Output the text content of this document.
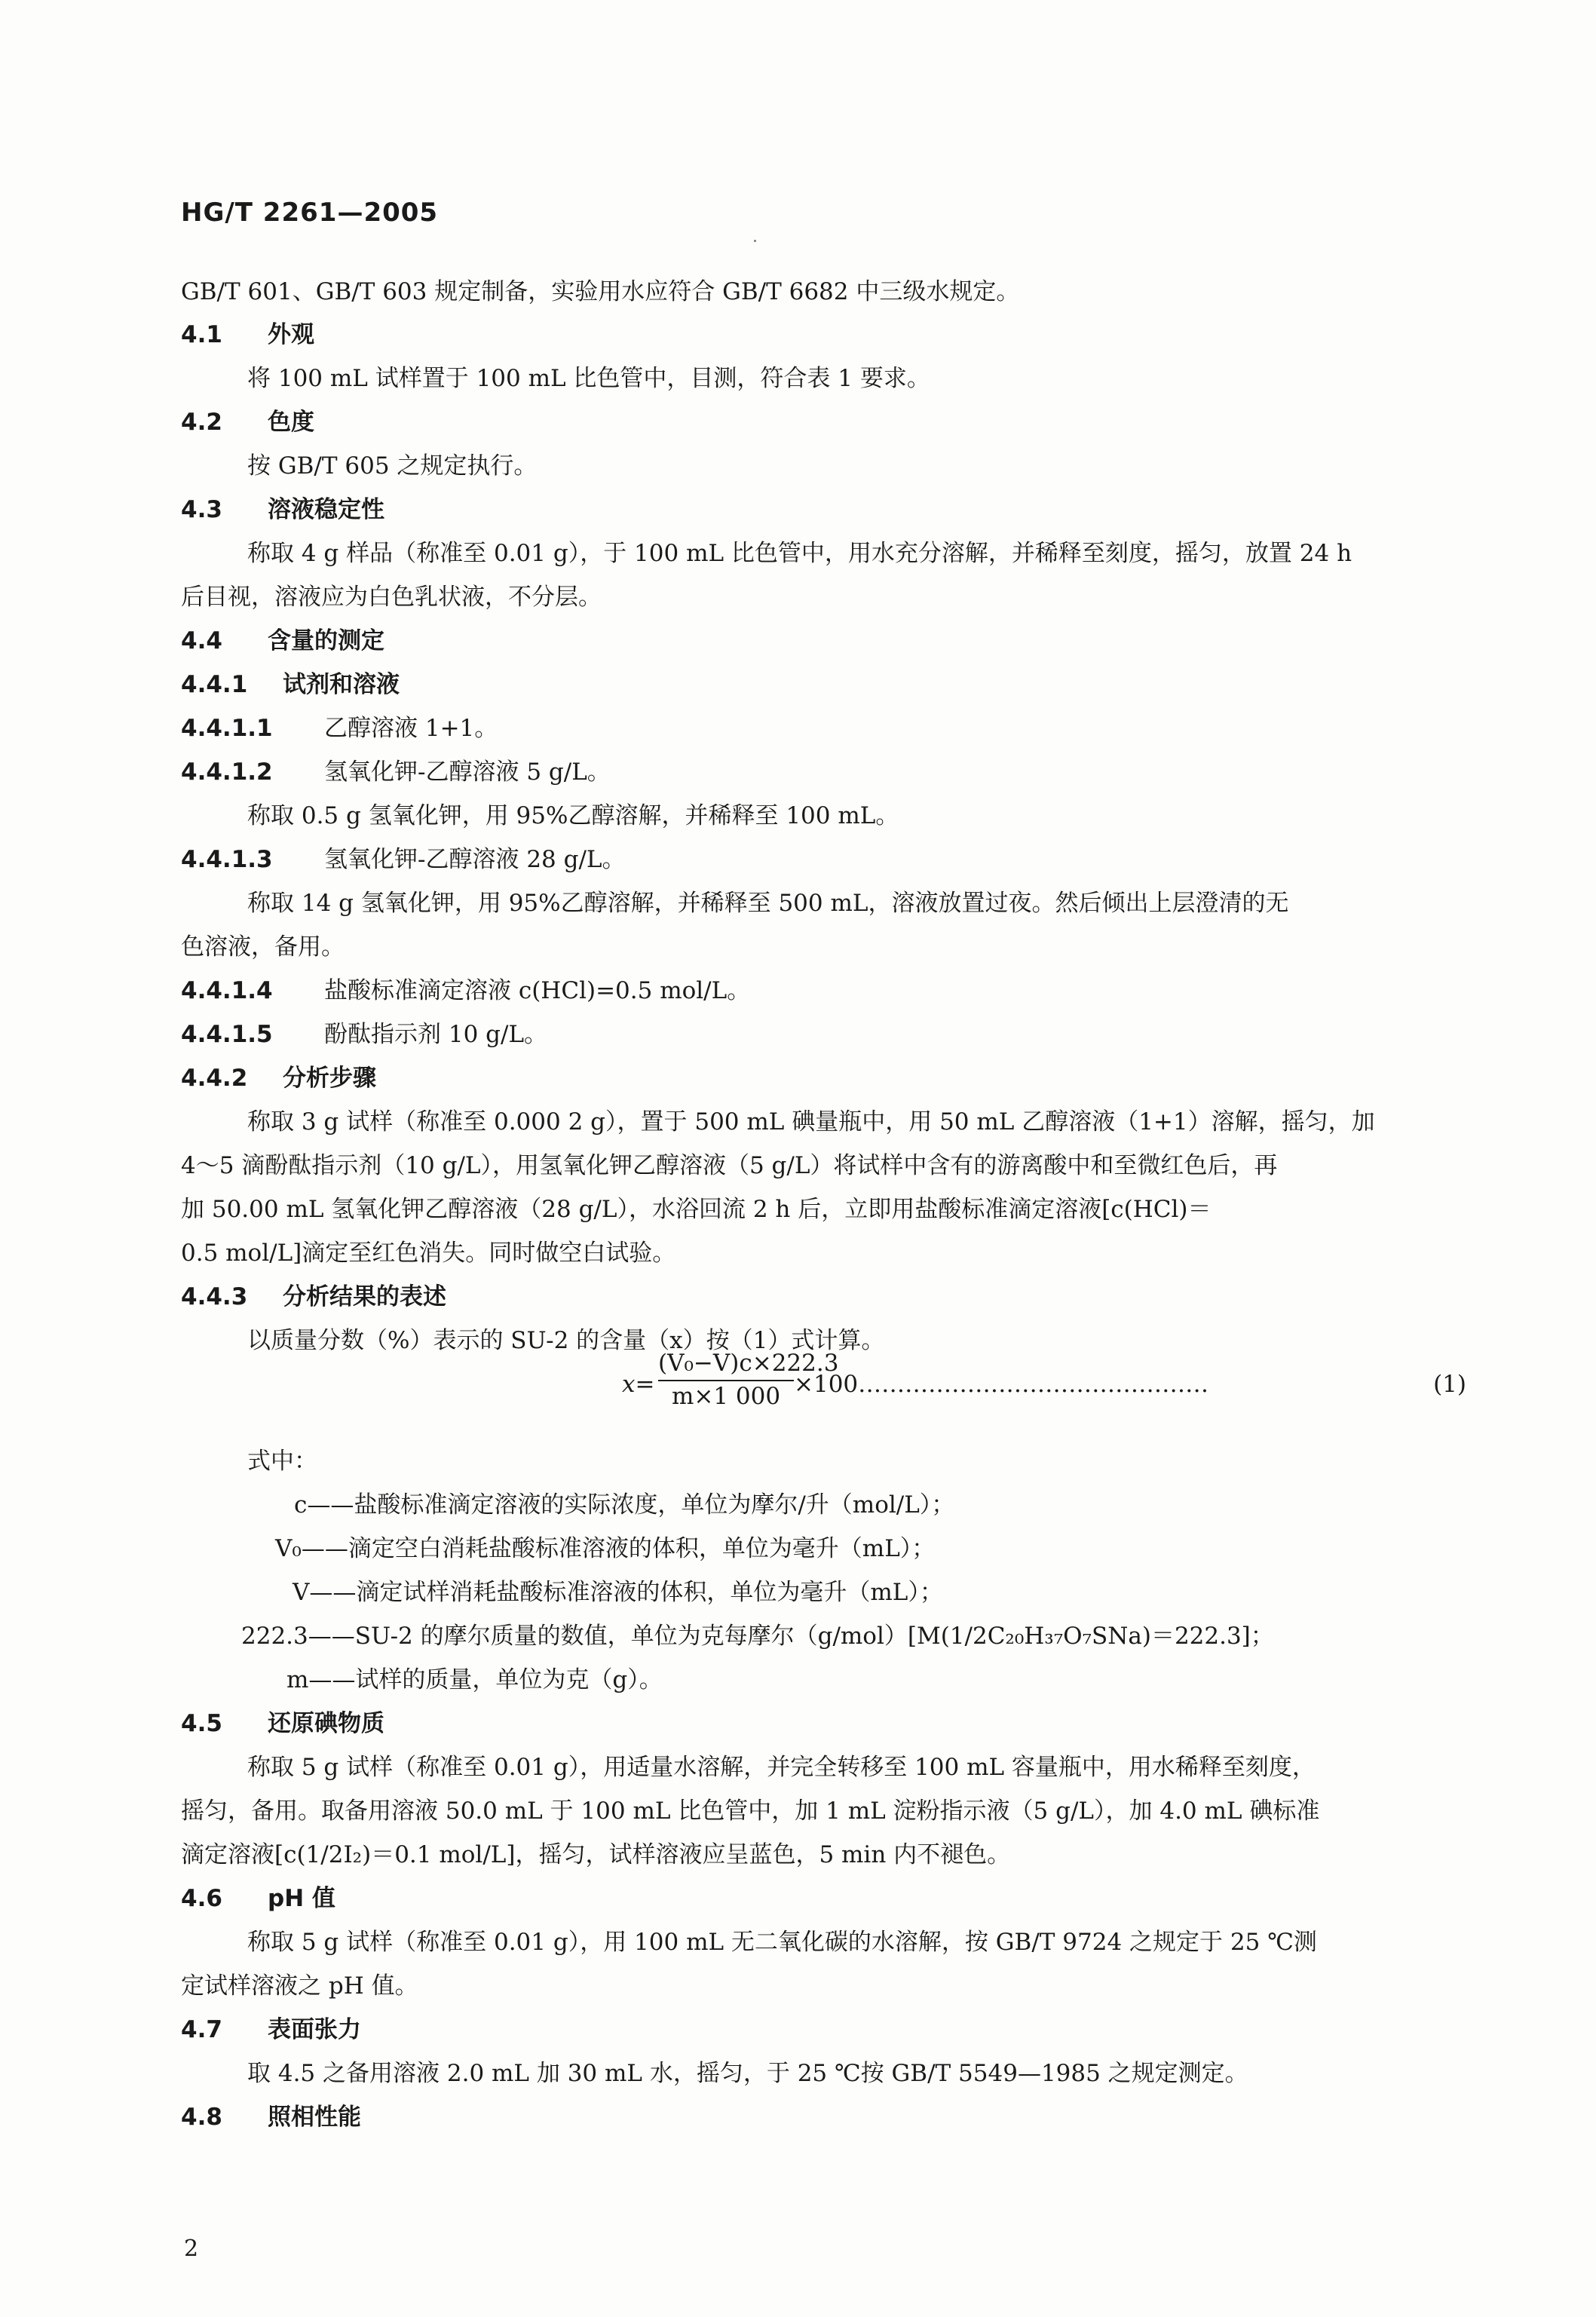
HG/T 2261—2005
GB/T 601、GB/T 603 规定制备，实验用水应符合 GB/T 6682 中三级水规定。
4.1 外观
将 100 mL 试样置于 100 mL 比色管中，目测，符合表 1 要求。
4.2 色度
按 GB/T 605 之规定执行。
4.3 溶液稳定性
称取 4 g 样品（称准至 0.01 g），于 100 mL 比色管中，用水充分溶解，并稀释至刻度，摇匀，放置 24 h
后目视，溶液应为白色乳状液，不分层。
4.4 含量的测定
4.4.1 试剂和溶液
4.4.1.1 乙醇溶液 1+1。
4.4.1.2 氢氧化钾-乙醇溶液 5 g/L。
称取 0.5 g 氢氧化钾，用 95%乙醇溶解，并稀释至 100 mL。
4.4.1.3 氢氧化钾-乙醇溶液 28 g/L。
称取 14 g 氢氧化钾，用 95%乙醇溶解，并稀释至 500 mL，溶液放置过夜。然后倾出上层澄清的无
色溶液，备用。
4.4.1.4 盐酸标准滴定溶液 c(HCl)=0.5 mol/L。
4.4.1.5 酚酞指示剂 10 g/L。
4.4.2 分析步骤
称取 3 g 试样（称准至 0.000 2 g），置于 500 mL 碘量瓶中，用 50 mL 乙醇溶液（1+1）溶解，摇匀，加
4～5 滴酚酞指示剂（10 g/L），用氢氧化钾乙醇溶液（5 g/L）将试样中含有的游离酸中和至微红色后，再
加 50.00 mL 氢氧化钾乙醇溶液（28 g/L），水浴回流 2 h 后，立即用盐酸标准滴定溶液[c(HCl)＝
0.5 mol/L]滴定至红色消失。同时做空白试验。
4.4.3 分析结果的表述
以质量分数（%）表示的 SU-2 的含量（x）按（1）式计算。
$x= \frac{\text{(V₀−V)c×222.3}}{m\times 1 000}$ ×100………………………………………	(1)
式中：
c——盐酸标准滴定溶液的实际浓度，单位为摩尔/升（mol/L）；
V₀——滴定空白消耗盐酸标准溶液的体积，单位为毫升（mL）；
V——滴定试样消耗盐酸标准溶液的体积，单位为毫升（mL）；
222.3——SU-2 的摩尔质量的数值，单位为克每摩尔（g/mol）[M(1/2C₂₀H₃₇O₇SNa)＝222.3]；
m——试样的质量，单位为克（g）。
4.5 还原碘物质
称取 5 g 试样（称准至 0.01 g），用适量水溶解，并完全转移至 100 mL 容量瓶中，用水稀释至刻度，
摇匀，备用。取备用溶液 50.0 mL 于 100 mL 比色管中，加 1 mL 淀粉指示液（5 g/L），加 4.0 mL 碘标准
滴定溶液[c(1/2I₂)＝0.1 mol/L]，摇匀，试样溶液应呈蓝色，5 min 内不褪色。
4.6 pH 值
称取 5 g 试样（称准至 0.01 g），用 100 mL 无二氧化碳的水溶解，按 GB/T 9724 之规定于 25 ℃测
定试样溶液之 pH 值。
4.7 表面张力
取 4.5 之备用溶液 2.0 mL 加 30 mL 水，摇匀，于 25 ℃按 GB/T 5549—1985 之规定测定。
4.8 照相性能
2
